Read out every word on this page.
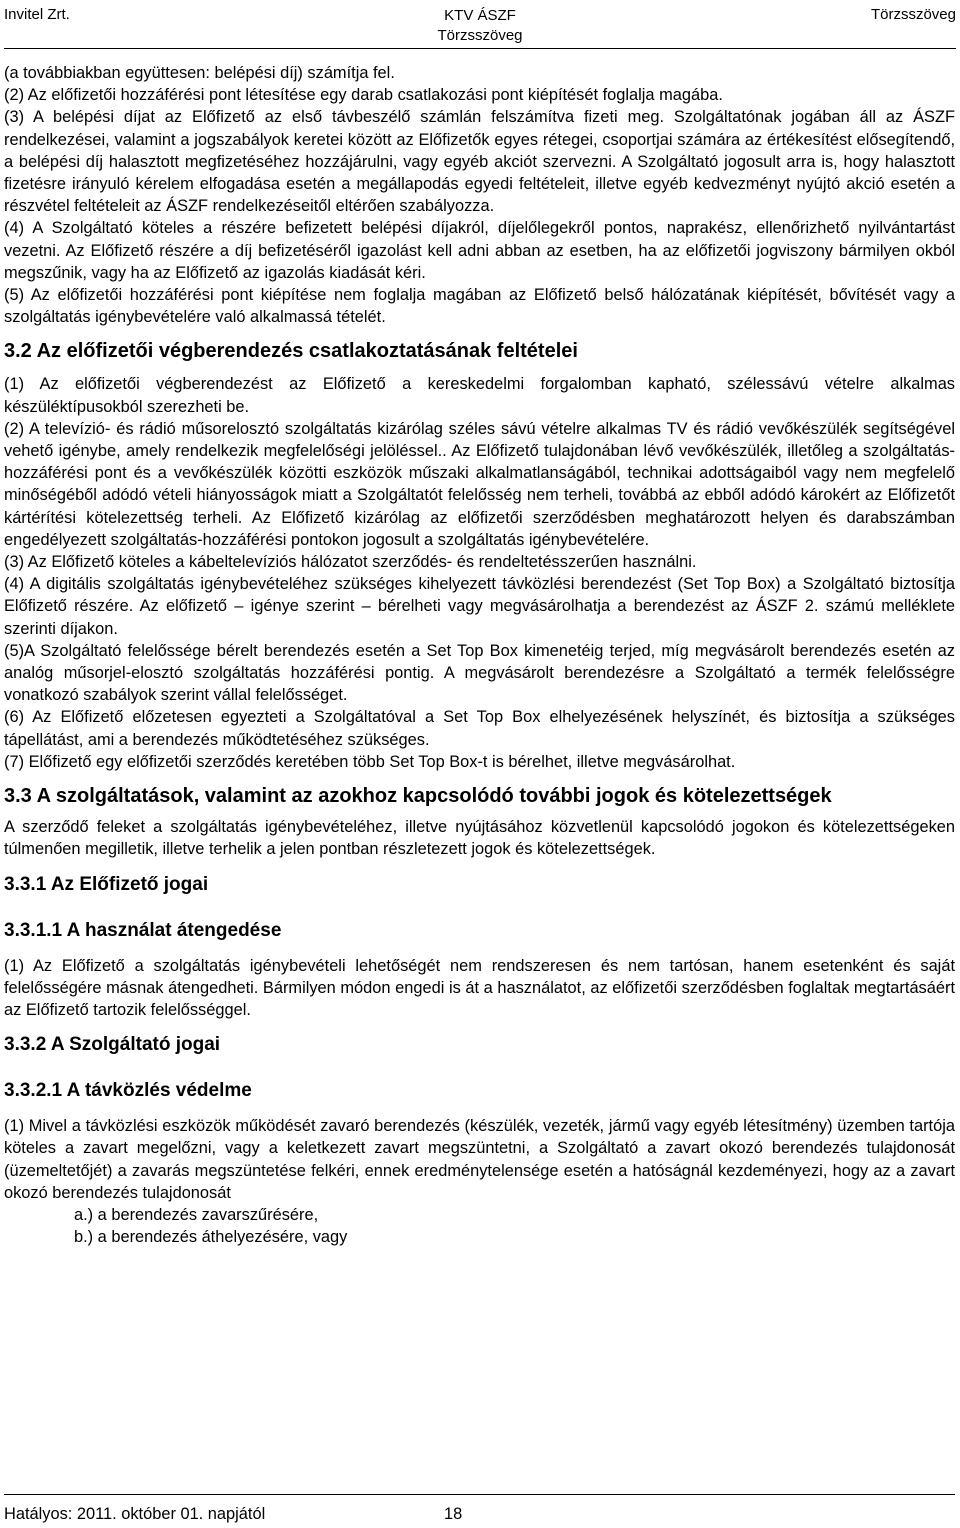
Invitel Zrt.	KTV ÁSZF
Törzsszöveg
Törzsszöveg

(a továbbiakban együttesen: belépési díj) számítja fel.

(2) Az előfizetői hozzáférési pont létesítése egy darab csatlakozási pont kiépítését foglalja magába.

(3) A belépési díjat az Előfizető az első távbeszélő számlán felszámítva fizeti meg. Szolgáltatónak jogában áll az ÁSZF rendelkezései, valamint a jogszabályok keretei között az Előfizetők egyes rétegei, csoportjai számára az értékesítést elősegítendő, a belépési díj halasztott megfizetéséhez hozzájárulni, vagy egyéb akciót szervezni. A Szolgáltató jogosult arra is, hogy halasztott fizetésre irányuló kérelem elfogadása esetén a megállapodás egyedi feltételeit, illetve egyéb kedvezményt nyújtó akció esetén a részvétel feltételeit az ÁSZF rendelkezéseitől eltérően szabályozza.

(4) A Szolgáltató köteles a részére befizetett belépési díjakról, díjelőlegekről pontos, naprakész, ellenőrizhető nyilvántartást vezetni. Az Előfizető részére a díj befizetéséről igazolást kell adni abban az esetben, ha az előfizetői jogviszony bármilyen okból megszűnik, vagy ha az Előfizető az igazolás kiadását kéri.

(5) Az előfizetői hozzáférési pont kiépítése nem foglalja magában az Előfizető belső hálózatának kiépítését, bővítését vagy a szolgáltatás igénybevételére való alkalmassá tételét.

3.2 Az előfizetői végberendezés csatlakoztatásának feltételei

(1) Az előfizetői végberendezést az Előfizető a kereskedelmi forgalomban kapható, szélessávú vételre alkalmas készüléktípusokból szerezheti be.

(2) A televízió- és rádió műsorelosztó szolgáltatás kizárólag széles sávú vételre alkalmas TV és rádió vevőkészülék segítségével vehető igénybe, amely rendelkezik megfelelőségi jelöléssel.. Az Előfizető tulajdonában lévő vevőkészülék, illetőleg a szolgáltatás-hozzáférési pont és a vevőkészülék közötti eszközök műszaki alkalmatlanságából, technikai adottságaiból vagy nem megfelelő minőségéből adódó vételi hiányosságok miatt a Szolgáltatót felelősség nem terheli, továbbá az ebből adódó károkért az Előfizetőt kártérítési kötelezettség terheli. Az Előfizető kizárólag az előfizetői szerződésben meghatározott helyen és darabszámban engedélyezett szolgáltatás-hozzáférési pontokon jogosult a szolgáltatás igénybevételére.

(3) Az Előfizető köteles a kábeltelevíziós hálózatot szerződés- és rendeltetésszerűen használni.

(4) A digitális szolgáltatás igénybevételéhez szükséges kihelyezett távközlési berendezést (Set Top Box) a Szolgáltató biztosítja Előfizető részére. Az előfizető – igénye szerint – bérelheti vagy megvásárolhatja a berendezést az ÁSZF 2. számú melléklete szerinti díjakon.

(5)A Szolgáltató felelőssége bérelt berendezés esetén a Set Top Box kimenetéig terjed, míg megvásárolt berendezés esetén az analóg műsorjel-elosztó szolgáltatás hozzáférési pontig. A megvásárolt berendezésre a Szolgáltató a termék felelősségre vonatkozó szabályok szerint vállal felelősséget.

(6) Az Előfizető előzetesen egyezteti a Szolgáltatóval a Set Top Box elhelyezésének helyszínét, és biztosítja a szükséges tápellátást, ami a berendezés működtetéséhez szükséges.

(7) Előfizető egy előfizetői szerződés keretében több Set Top Box-t is bérelhet, illetve megvásárolhat.

3.3 A szolgáltatások, valamint az azokhoz kapcsolódó további jogok és kötelezettségek

A szerződő feleket a szolgáltatás igénybevételéhez, illetve nyújtásához közvetlenül kapcsolódó jogokon és kötelezettségeken túlmenően megilletik, illetve terhelik a jelen pontban részletezett jogok és kötelezettségek.

3.3.1 Az Előfizető jogai
3.3.1.1 A használat átengedése

(1) Az Előfizető a szolgáltatás igénybevételi lehetőségét nem rendszeresen és nem tartósan, hanem esetenként és saját felelősségére másnak átengedheti. Bármilyen módon engedi is át a használatot, az előfizetői szerződésben foglaltak megtartásáért az Előfizető tartozik felelősséggel.

3.3.2 A Szolgáltató jogai
3.3.2.1 A távközlés védelme

(1) Mivel a távközlési eszközök működését zavaró berendezés (készülék, vezeték, jármű vagy egyéb létesítmény) üzemben tartója köteles a zavart megelőzni, vagy a keletkezett zavart megszüntetni, a Szolgáltató a zavart okozó berendezés tulajdonosát (üzemeltetőjét) a zavarás megszüntetése felkéri, ennek eredménytelensége esetén a hatóságnál kezdeményezi, hogy az a zavart okozó berendezés tulajdonosát

a.) a berendezés zavarszűrésére,
b.) a berendezés áthelyezésére, vagy
Hatályos: 2011. október 01. napjától	18
